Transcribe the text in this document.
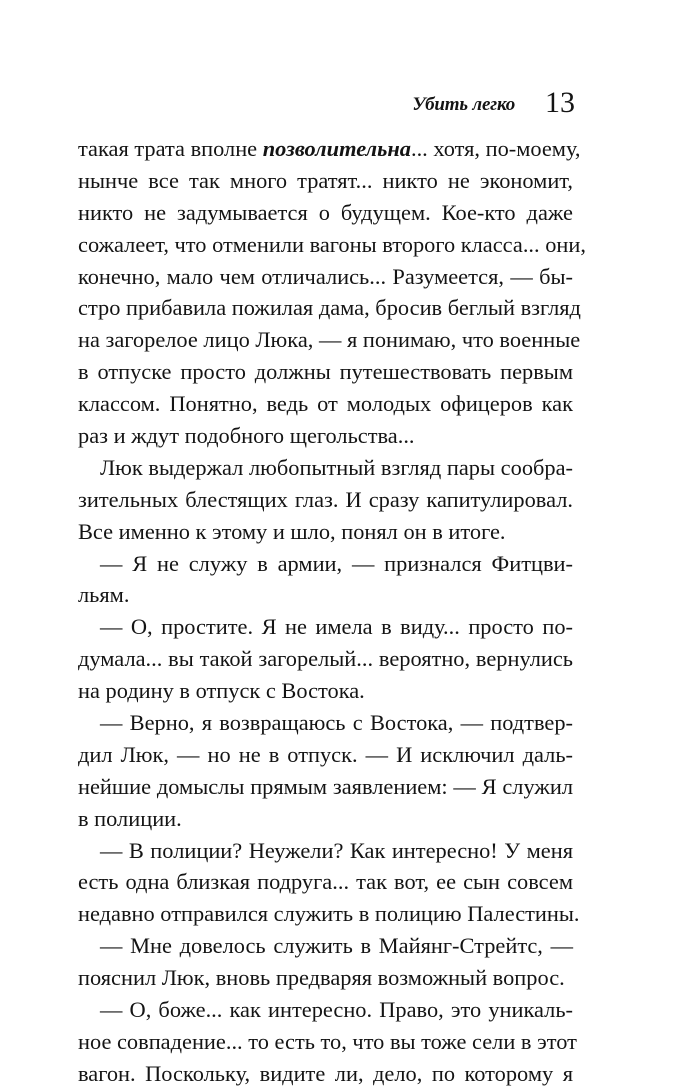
Убить легко 13
такая трата вполне позволительна... хотя, по-моему,
нынче все так много тратят... никто не экономит,
никто не задумывается о будущем. Кое-кто даже
сожалеет, что отменили вагоны второго класса... они,
конечно, мало чем отличались... Разумеется, — бы-
стро прибавила пожилая дама, бросив беглый взгляд
на загорелое лицо Люка, — я понимаю, что военные
в отпуске просто должны путешествовать первым
классом. Понятно, ведь от молодых офицеров как
раз и ждут подобного щегольства...
Люк выдержал любопытный взгляд пары сообра-
зительных блестящих глаз. И сразу капитулировал.
Все именно к этому и шло, понял он в итоге.
— Я не служу в армии, — признался Фитцви-
льям.
— О, простите. Я не имела в виду... просто по-
думала... вы такой загорелый... вероятно, вернулись
на родину в отпуск с Востока.
— Верно, я возвращаюсь с Востока, — подтвер-
дил Люк, — но не в отпуск. — И исключил даль-
нейшие домыслы прямым заявлением: — Я служил
в полиции.
— В полиции? Неужели? Как интересно! У меня
есть одна близкая подруга... так вот, ее сын совсем
недавно отправился служить в полицию Палестины.
— Мне довелось служить в Майянг-Стрейтс, —
пояснил Люк, вновь предваряя возможный вопрос.
— О, боже... как интересно. Право, это уникаль-
ное совпадение... то есть то, что вы тоже сели в этот
вагон. Поскольку, видите ли, дело, по которому я
